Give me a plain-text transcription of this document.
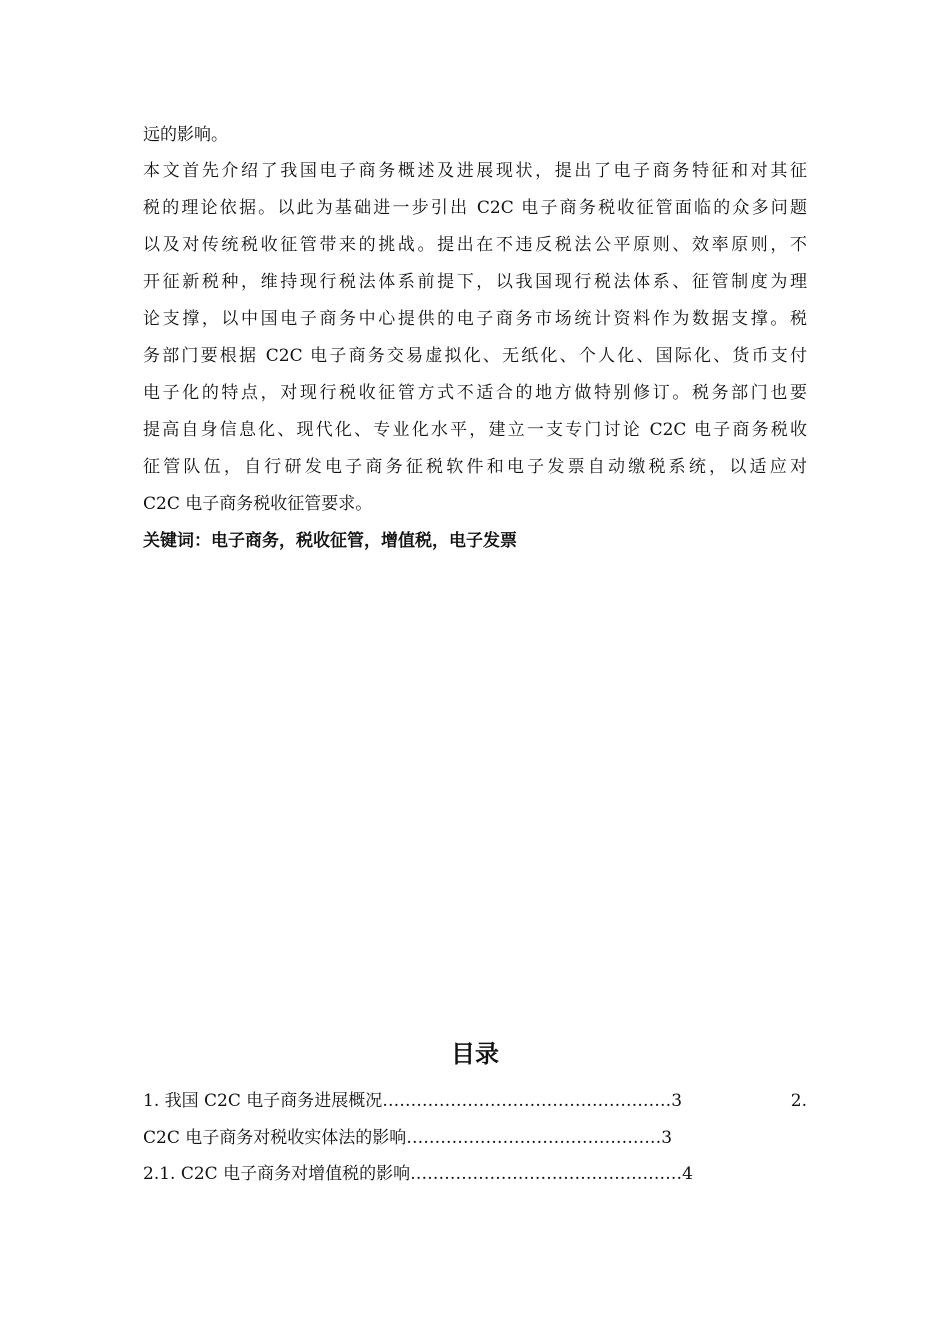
远的影响。
本文首先介绍了我国电子商务概述及进展现状，提出了电子商务特征和对其征
税的理论依据。以此为基础进一步引出 C2C 电子商务税收征管面临的众多问题
以及对传统税收征管带来的挑战。提出在不违反税法公平原则、效率原则，不
开征新税种，维持现行税法体系前提下，以我国现行税法体系、征管制度为理
论支撑，以中国电子商务中心提供的电子商务市场统计资料作为数据支撑。税
务部门要根据 C2C 电子商务交易虚拟化、无纸化、个人化、国际化、货币支付
电子化的特点，对现行税收征管方式不适合的地方做特别修订。税务部门也要
提高自身信息化、现代化、专业化水平，建立一支专门讨论 C2C 电子商务税收
征管队伍，自行研发电子商务征税软件和电子发票自动缴税系统，以适应对
C2C 电子商务税收征管要求。
关键词：电子商务，税收征管，增值税，电子发票
目录
1. 我国 C2C 电子商务进展概况……………………………………………3	2.
C2C 电子商务对税收实体法的影响………………………………………3
2.1. C2C 电子商务对增值税的影响…………………………………………4
